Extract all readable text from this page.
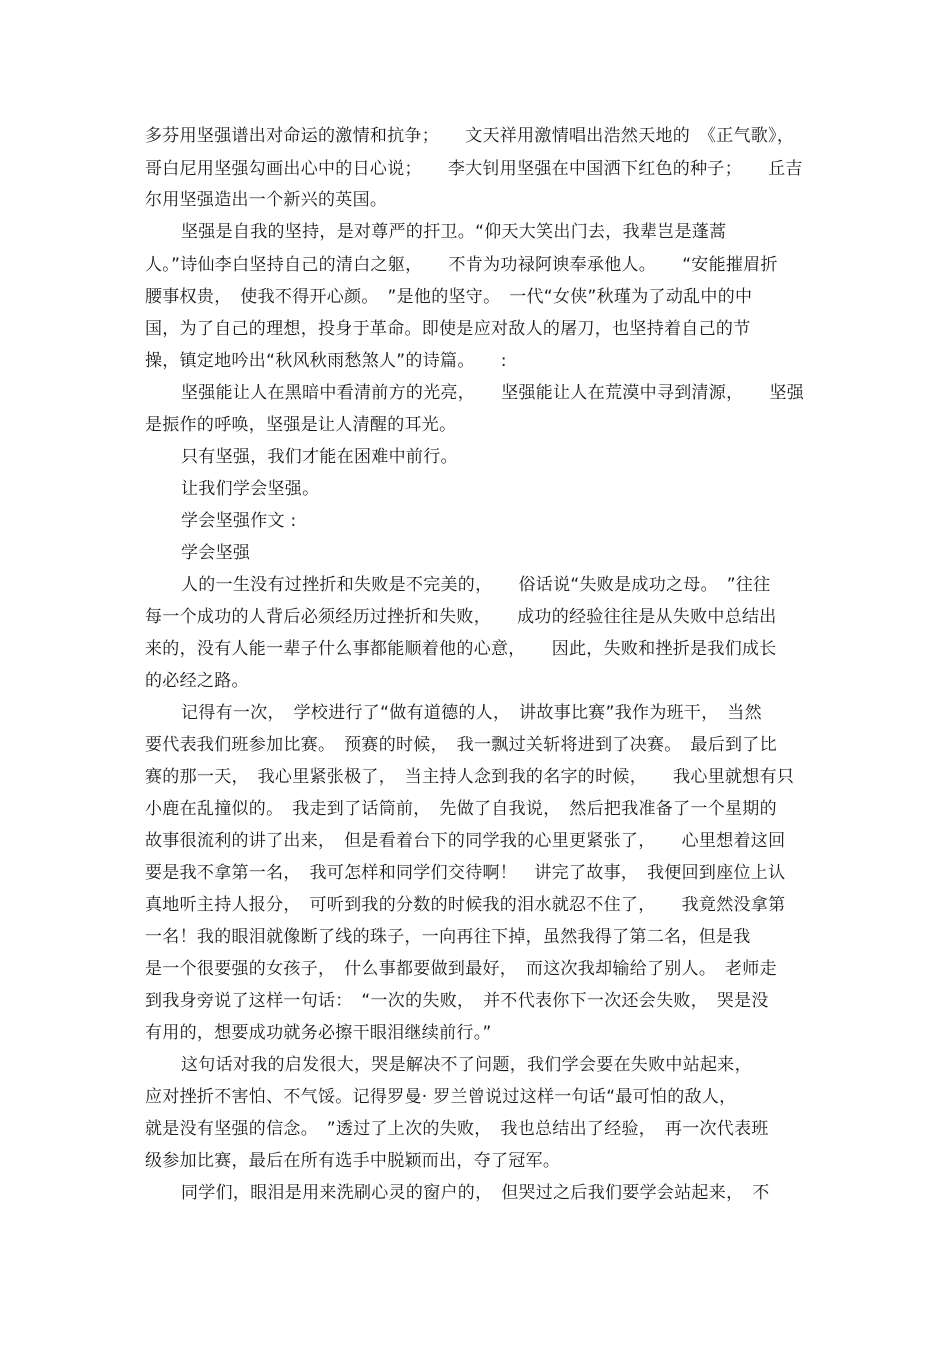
多芬用坚强谱出对命运的激情和抗争；　　文天祥用激情唱出浩然天地的　《正气歌》，
哥白尼用坚强勾画出心中的日心说；　　李大钊用坚强在中国洒下红色的种子；　　丘吉
尔用坚强造出一个新兴的英国。
坚强是自我的坚持，是对尊严的扞卫。“仰天大笑出门去，我辈岂是蓬蒿
人。”诗仙李白坚持自己的清白之躯，　　不肯为功禄阿谀奉承他人。　　“安能摧眉折
腰事权贵，　使我不得开心颜。　”是他的坚守。　一代“女侠”秋瑾为了动乱中的中
国，为了自己的理想，投身于革命。即使是应对敌人的屠刀，也坚持着自己的节
操，镇定地吟出“秋风秋雨愁煞人”的诗篇。　　:
坚强能让人在黑暗中看清前方的光亮，　　坚强能让人在荒漠中寻到清源，　　坚强
是振作的呼唤，坚强是让人清醒的耳光。
只有坚强，我们才能在困难中前行。
让我们学会坚强。
学会坚强作文 :
学会坚强
人的一生没有过挫折和失败是不完美的，　　俗话说“失败是成功之母。　”往往
每一个成功的人背后必须经历过挫折和失败，　　成功的经验往往是从失败中总结出
来的，没有人能一辈子什么事都能顺着他的心意，　　因此，失败和挫折是我们成长
的必经之路。
记得有一次，　学校进行了“做有道德的人，　讲故事比赛”我作为班干，　当然
要代表我们班参加比赛。　预赛的时候，　我一飘过关斩将进到了决赛。　最后到了比
赛的那一天，　我心里紧张极了，　当主持人念到我的名字的时候，　　我心里就想有只
小鹿在乱撞似的。　我走到了话筒前，　先做了自我说，　然后把我准备了一个星期的
故事很流利的讲了出来，　但是看着台下的同学我的心里更紧张了，　　心里想着这回
要是我不拿第一名，　我可怎样和同学们交待啊！　讲完了故事，　我便回到座位上认
真地听主持人报分，　可听到我的分数的时候我的泪水就忍不住了，　　我竟然没拿第
一名！我的眼泪就像断了线的珠子，一向再往下掉，虽然我得了第二名，但是我
是一个很要强的女孩子，　什么事都要做到最好，　而这次我却输给了别人。　老师走
到我身旁说了这样一句话：　“一次的失败，　并不代表你下一次还会失败，　哭是没
有用的，想要成功就务必擦干眼泪继续前行。”
这句话对我的启发很大，哭是解决不了问题，我们学会要在失败中站起来，
应对挫折不害怕、不气馁。记得罗曼· 罗兰曾说过这样一句话“最可怕的敌人，
就是没有坚强的信念。　”透过了上次的失败，　我也总结出了经验，　再一次代表班
级参加比赛，最后在所有选手中脱颖而出，夺了冠军。
同学们，眼泪是用来洗刷心灵的窗户的，　但哭过之后我们要学会站起来，　不
